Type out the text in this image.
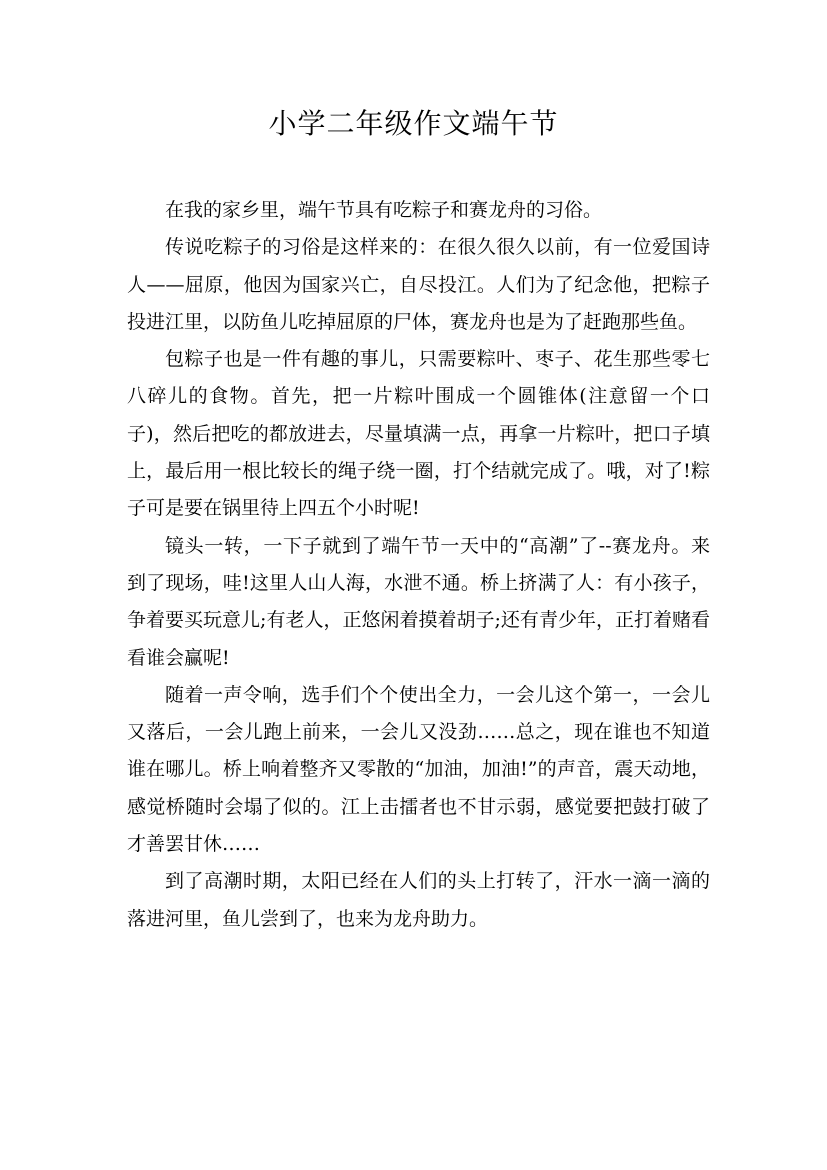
小学二年级作文端午节

在我的家乡里，端午节具有吃粽子和赛龙舟的习俗。

传说吃粽子的习俗是这样来的：在很久很久以前，有一位爱国诗人——屈原，他因为国家兴亡，自尽投江。人们为了纪念他，把粽子投进江里，以防鱼儿吃掉屈原的尸体，赛龙舟也是为了赶跑那些鱼。

包粽子也是一件有趣的事儿，只需要粽叶、枣子、花生那些零七八碎儿的食物。首先，把一片粽叶围成一个圆锥体(注意留一个口子)，然后把吃的都放进去，尽量填满一点，再拿一片粽叶，把口子填上，最后用一根比较长的绳子绕一圈，打个结就完成了。哦，对了!粽子可是要在锅里待上四五个小时呢!

镜头一转，一下子就到了端午节一天中的“高潮”了--赛龙舟。来到了现场，哇!这里人山人海，水泄不通。桥上挤满了人：有小孩子，争着要买玩意儿;有老人，正悠闲着摸着胡子;还有青少年，正打着赌看看谁会赢呢!

随着一声令响，选手们个个使出全力，一会儿这个第一，一会儿又落后，一会儿跑上前来，一会儿又没劲……总之，现在谁也不知道谁在哪儿。桥上响着整齐又零散的“加油，加油!”的声音，震天动地，感觉桥随时会塌了似的。江上击擂者也不甘示弱，感觉要把鼓打破了才善罢甘休……

到了高潮时期，太阳已经在人们的头上打转了，汗水一滴一滴的落进河里，鱼儿尝到了，也来为龙舟助力。
